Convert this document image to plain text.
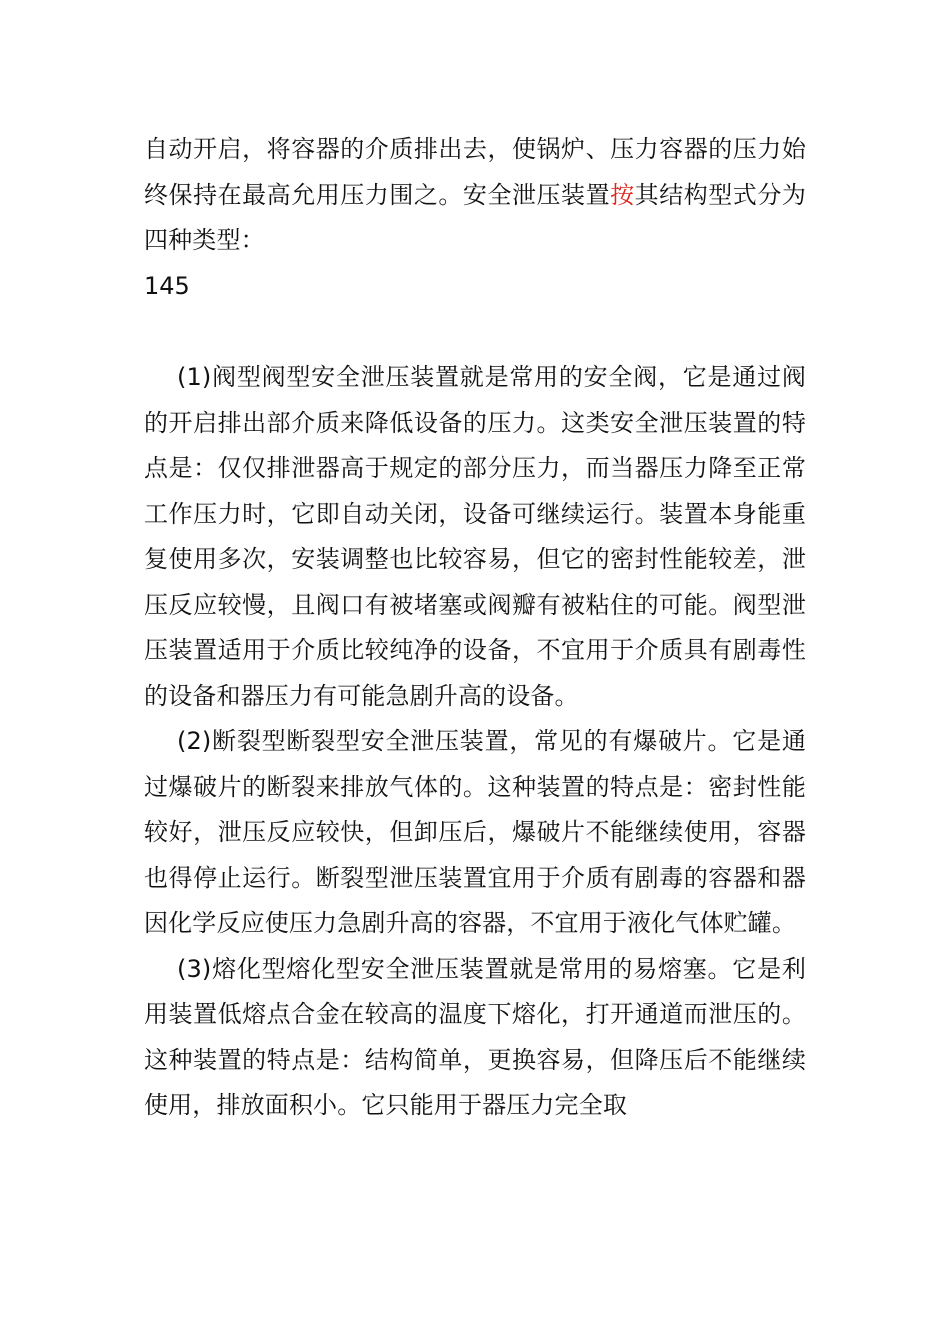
自动开启，将容器的介质排出去，使锅炉、压力容器的压力始终保持在最高允用压力围之。安全泄压装置按其结构型式分为四种类型：

145

(1)阀型阀型安全泄压装置就是常用的安全阀，它是通过阀的开启排出部介质来降低设备的压力。这类安全泄压装置的特点是：仅仅排泄器高于规定的部分压力，而当器压力降至正常工作压力时，它即自动关闭，设备可继续运行。装置本身能重复使用多次，安装调整也比较容易，但它的密封性能较差，泄压反应较慢，且阀口有被堵塞或阀瓣有被粘住的可能。阀型泄压装置适用于介质比较纯净的设备，不宜用于介质具有剧毒性的设备和器压力有可能急剧升高的设备。

(2)断裂型断裂型安全泄压装置，常见的有爆破片。它是通过爆破片的断裂来排放气体的。这种装置的特点是：密封性能较好，泄压反应较快，但卸压后，爆破片不能继续使用，容器也得停止运行。断裂型泄压装置宜用于介质有剧毒的容器和器因化学反应使压力急剧升高的容器，不宜用于液化气体贮罐。

(3)熔化型熔化型安全泄压装置就是常用的易熔塞。它是利用装置低熔点合金在较高的温度下熔化，打开通道而泄压的。这种装置的特点是：结构简单，更换容易，但降压后不能继续使用，排放面积小。它只能用于器压力完全取
